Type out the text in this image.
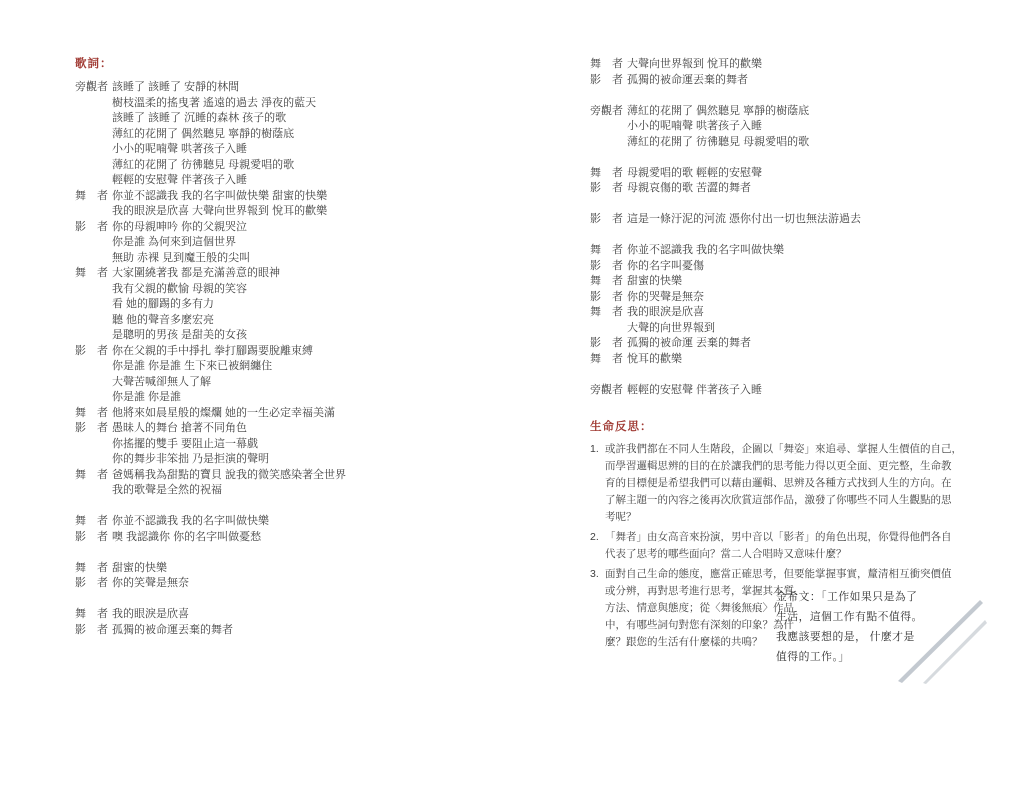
歌詞：
旁觀者 該睡了 該睡了 安靜的林間
樹枝溫柔的搖曳著 遙遠的過去 淨夜的藍天
該睡了 該睡了 沉睡的森林 孩子的歌
薄紅的花開了 偶然聽見 寧靜的樹蔭底
小小的呢喃聲 哄著孩子入睡
薄紅的花開了 彷彿聽見 母親愛唱的歌
輕輕的安慰聲 伴著孩子入睡
舞　者 你並不認識我 我的名字叫做快樂 甜蜜的快樂
我的眼淚是欣喜 大聲向世界報到 悅耳的歡樂
影　者 你的母親呻吟 你的父親哭泣
你是誰 為何來到這個世界
無助 赤裸 見到魔王般的尖叫
舞　者 大家圍繞著我 都是充滿善意的眼神
我有父親的歡愉 母親的笑容
看 她的腳踢的多有力
聽 他的聲音多麼宏亮
是聰明的男孩 是甜美的女孩
影　者 你在父親的手中掙扎 拳打腳踢要脫離束縛
你是誰 你是誰 生下來已被網纏住
大聲苦喊卻無人了解
你是誰 你是誰
舞　者 他將來如晨星般的燦爛 她的一生必定幸福美滿
影　者 愚昧人的舞台 搶著不同角色
你搖擺的雙手 要阻止這一幕戲
你的舞步非笨拙 乃是拒演的聲明
舞　者 爸媽稱我為甜點的寶貝 說我的微笑感染著全世界
我的歌聲是全然的祝福
舞　者 你並不認識我 我的名字叫做快樂
影　者 噢 我認識你 你的名字叫做憂愁
舞　者 甜蜜的快樂
影　者 你的笑聲是無奈
舞　者 我的眼淚是欣喜
影　者 孤獨的被命運丟棄的舞者
舞　者 大聲向世界報到 悅耳的歡樂
影　者 孤獨的被命運丟棄的舞者
旁觀者 薄紅的花開了 偶然聽見 寧靜的樹蔭底
小小的呢喃聲 哄著孩子入睡
薄紅的花開了 彷彿聽見 母親愛唱的歌
舞　者 母親愛唱的歌 輕輕的安慰聲
影　者 母親哀傷的歌 苦澀的舞者
影　者 這是一條汙泥的河流 憑你付出一切也無法游過去
舞　者 你並不認識我 我的名字叫做快樂
影　者 你的名字叫憂傷
舞　者 甜蜜的快樂
影　者 你的哭聲是無奈
舞　者 我的眼淚是欣喜
大聲的向世界報到
影　者 孤獨的被命運 丟棄的舞者
舞　者 悅耳的歡樂
旁觀者 輕輕的安慰聲 伴著孩子入睡
生命反思：
1. 或許我們都在不同人生階段，企圖以「舞姿」來追尋、掌握人生價值的自己，
而學習邏輯思辨的目的在於讓我們的思考能力得以更全面、更完整，生命教
育的目標便是希望我們可以藉由邏輯、思辨及各種方式找到人生的方向。在
了解主題一的內容之後再次欣賞這部作品，激發了你哪些不同人生觀點的思
考呢？
2. 「舞者」由女高音來扮演，男中音以「影者」的角色出現，你覺得他們各自
代表了思考的哪些面向？當二人合唱時又意味什麼？
3. 面對自己生命的態度，應當正確思考，但要能掌握事實，釐清相互衝突價值
或分辨，再對思考進行思考，掌握其本質、
方法、情意與態度；從〈舞後無痕〉作品
中，有哪些詞句對您有深刻的印象？為什
麼？跟您的生活有什麼樣的共鳴？
金希文：「工作如果只是為了
生活，這個工作有點不值得。
我應該要想的是， 什麼才是
值得的工作。」
